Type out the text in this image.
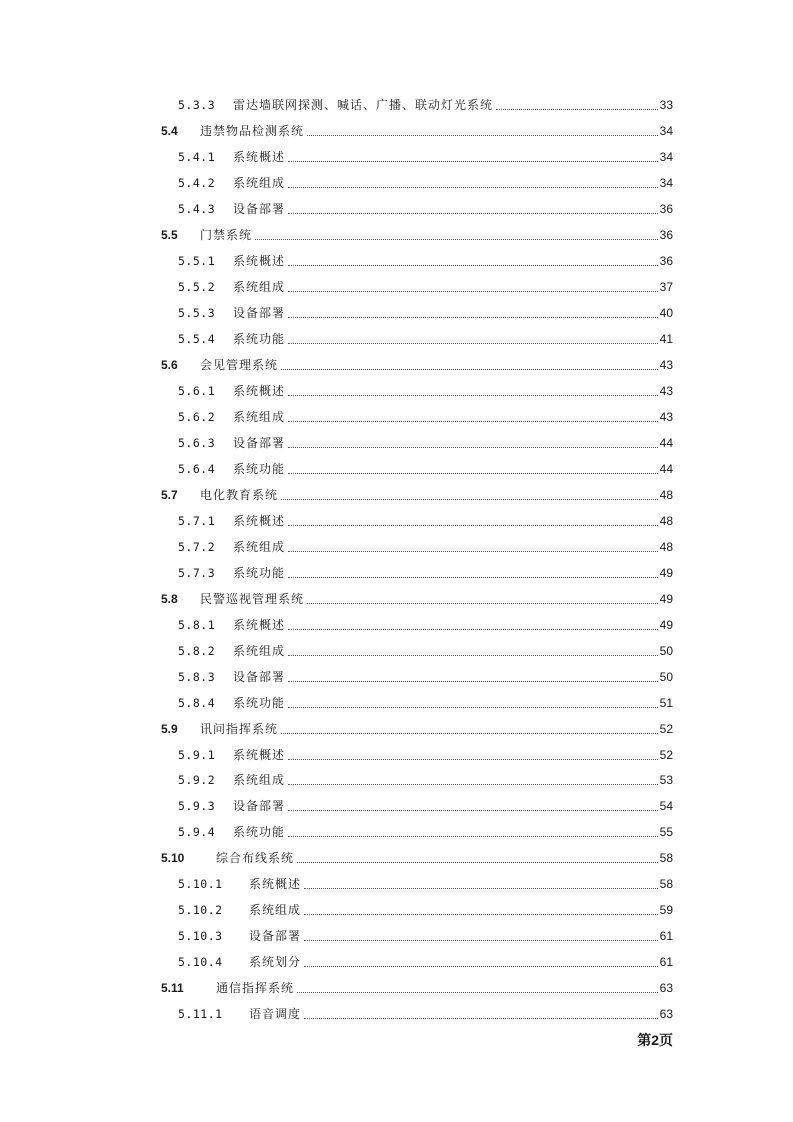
5.3.3 雷达墙联网探测、喊话、广播、联动灯光系统	33
5.4 违禁物品检测系统	34
5.4.1 系统概述	34
5.4.2 系统组成	34
5.4.3 设备部署	36
5.5 门禁系统	36
5.5.1 系统概述	36
5.5.2 系统组成	37
5.5.3 设备部署	40
5.5.4 系统功能	41
5.6 会见管理系统	43
5.6.1 系统概述	43
5.6.2 系统组成	43
5.6.3 设备部署	44
5.6.4 系统功能	44
5.7 电化教育系统	48
5.7.1 系统概述	48
5.7.2 系统组成	48
5.7.3 系统功能	49
5.8 民警巡视管理系统	49
5.8.1 系统概述	49
5.8.2 系统组成	50
5.8.3 设备部署	50
5.8.4 系统功能	51
5.9 讯问指挥系统	52
5.9.1 系统概述	52
5.9.2 系统组成	53
5.9.3 设备部署	54
5.9.4 系统功能	55
5.10	综合布线系统	58
5.10.1 系统概述	58
5.10.2 系统组成	59
5.10.3 设备部署	61
5.10.4 系统划分	61
5.11	通信指挥系统	63
5.11.1 语音调度	63
第2页
